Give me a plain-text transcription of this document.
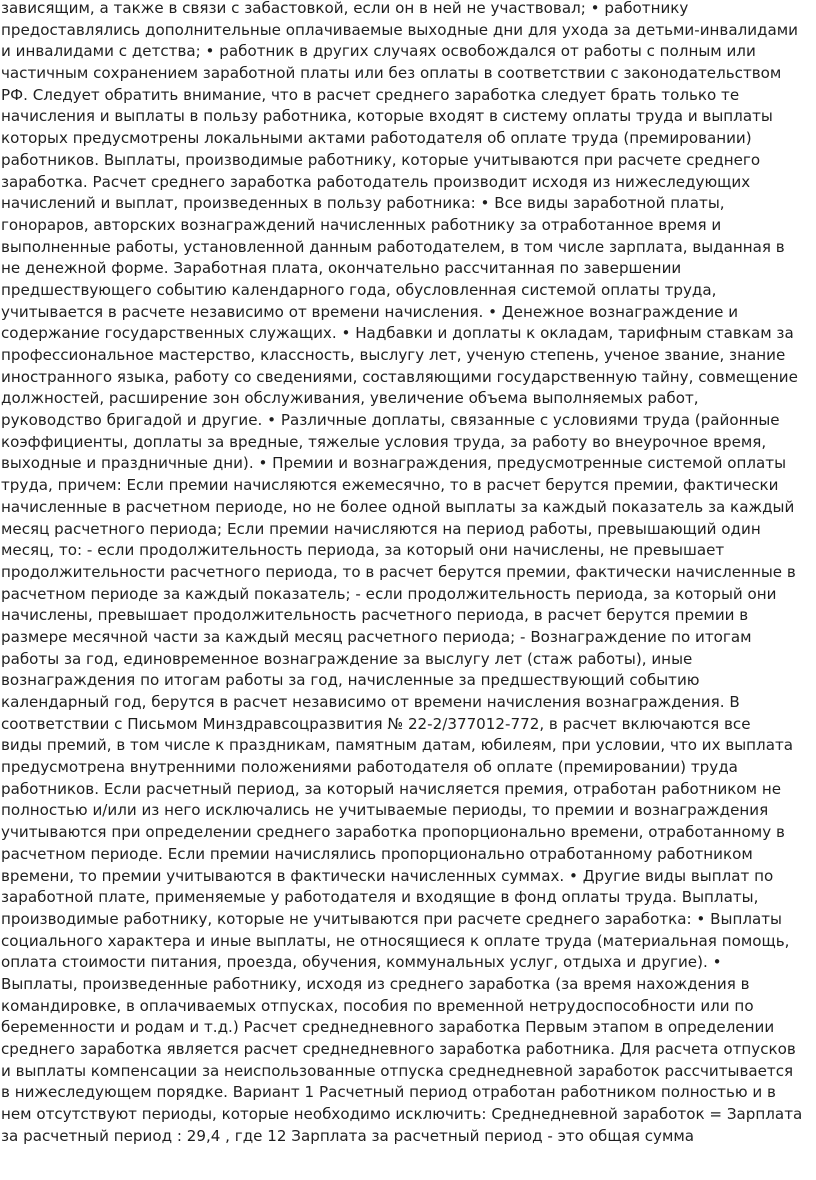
зависящим, а также в связи с забастовкой, если он в ней не участвовал; • работнику
предоставлялись дополнительные оплачиваемые выходные дни для ухода за детьми-инвалидами
и инвалидами с детства; • работник в других случаях освобождался от работы с полным или
частичным сохранением заработной платы или без оплаты в соответствии с законодательством
РФ. Следует обратить внимание, что в расчет среднего заработка следует брать только те
начисления и выплаты в пользу работника, которые входят в систему оплаты труда и выплаты
которых предусмотрены локальными актами работодателя об оплате труда (премировании)
работников. Выплаты, производимые работнику, которые учитываются при расчете среднего
заработка. Расчет среднего заработка работодатель производит исходя из нижеследующих
начислений и выплат, произведенных в пользу работника: • Все виды заработной платы,
гонораров, авторских вознаграждений начисленных работнику за отработанное время и
выполненные работы, установленной данным работодателем, в том числе зарплата, выданная в
не денежной форме. Заработная плата, окончательно рассчитанная по завершении
предшествующего событию календарного года, обусловленная системой оплаты труда,
учитывается в расчете независимо от времени начисления. • Денежное вознаграждение и
содержание государственных служащих. • Надбавки и доплаты к окладам, тарифным ставкам за
профессиональное мастерство, классность, выслугу лет, ученую степень, ученое звание, знание
иностранного языка, работу со сведениями, составляющими государственную тайну, совмещение
должностей, расширение зон обслуживания, увеличение объема выполняемых работ,
руководство бригадой и другие. • Различные доплаты, связанные с условиями труда (районные
коэффициенты, доплаты за вредные, тяжелые условия труда, за работу во внеурочное время,
выходные и праздничные дни). • Премии и вознаграждения, предусмотренные системой оплаты
труда, причем: Если премии начисляются ежемесячно, то в расчет берутся премии, фактически
начисленные в расчетном периоде, но не более одной выплаты за каждый показатель за каждый
месяц расчетного периода; Если премии начисляются на период работы, превышающий один
месяц, то: - если продолжительность периода, за который они начислены, не превышает
продолжительности расчетного периода, то в расчет берутся премии, фактически начисленные в
расчетном периоде за каждый показатель; - если продолжительность периода, за который они
начислены, превышает продолжительность расчетного периода, в расчет берутся премии в
размере месячной части за каждый месяц расчетного периода; - Вознаграждение по итогам
работы за год, единовременное вознаграждение за выслугу лет (стаж работы), иные
вознаграждения по итогам работы за год, начисленные за предшествующий событию
календарный год, берутся в расчет независимо от времени начисления вознаграждения. В
соответствии с Письмом Минздравсоцразвития № 22-2/377012-772, в расчет включаются все
виды премий, в том числе к праздникам, памятным датам, юбилеям, при условии, что их выплата
предусмотрена внутренними положениями работодателя об оплате (премировании) труда
работников. Если расчетный период, за который начисляется премия, отработан работником не
полностью и/или из него исключались не учитываемые периоды, то премии и вознаграждения
учитываются при определении среднего заработка пропорционально времени, отработанному в
расчетном периоде. Если премии начислялись пропорционально отработанному работником
времени, то премии учитываются в фактически начисленных суммах. • Другие виды выплат по
заработной плате, применяемые у работодателя и входящие в фонд оплаты труда. Выплаты,
производимые работнику, которые не учитываются при расчете среднего заработка: • Выплаты
социального характера и иные выплаты, не относящиеся к оплате труда (материальная помощь,
оплата стоимости питания, проезда, обучения, коммунальных услуг, отдыха и другие). •
Выплаты, произведенные работнику, исходя из среднего заработка (за время нахождения в
командировке, в оплачиваемых отпусках, пособия по временной нетрудоспособности или по
беременности и родам и т.д.) Расчет среднедневного заработка Первым этапом в определении
среднего заработка является расчет среднедневного заработка работника. Для расчета отпусков
и выплаты компенсации за неиспользованные отпуска среднедневной заработок рассчитывается
в нижеследующем порядке. Вариант 1 Расчетный период отработан работником полностью и в
нем отсутствуют периоды, которые необходимо исключить: Среднедневной заработок = Зарплата
за расчетный период : 29,4 , где 12 Зарплата за расчетный период - это общая сумма
